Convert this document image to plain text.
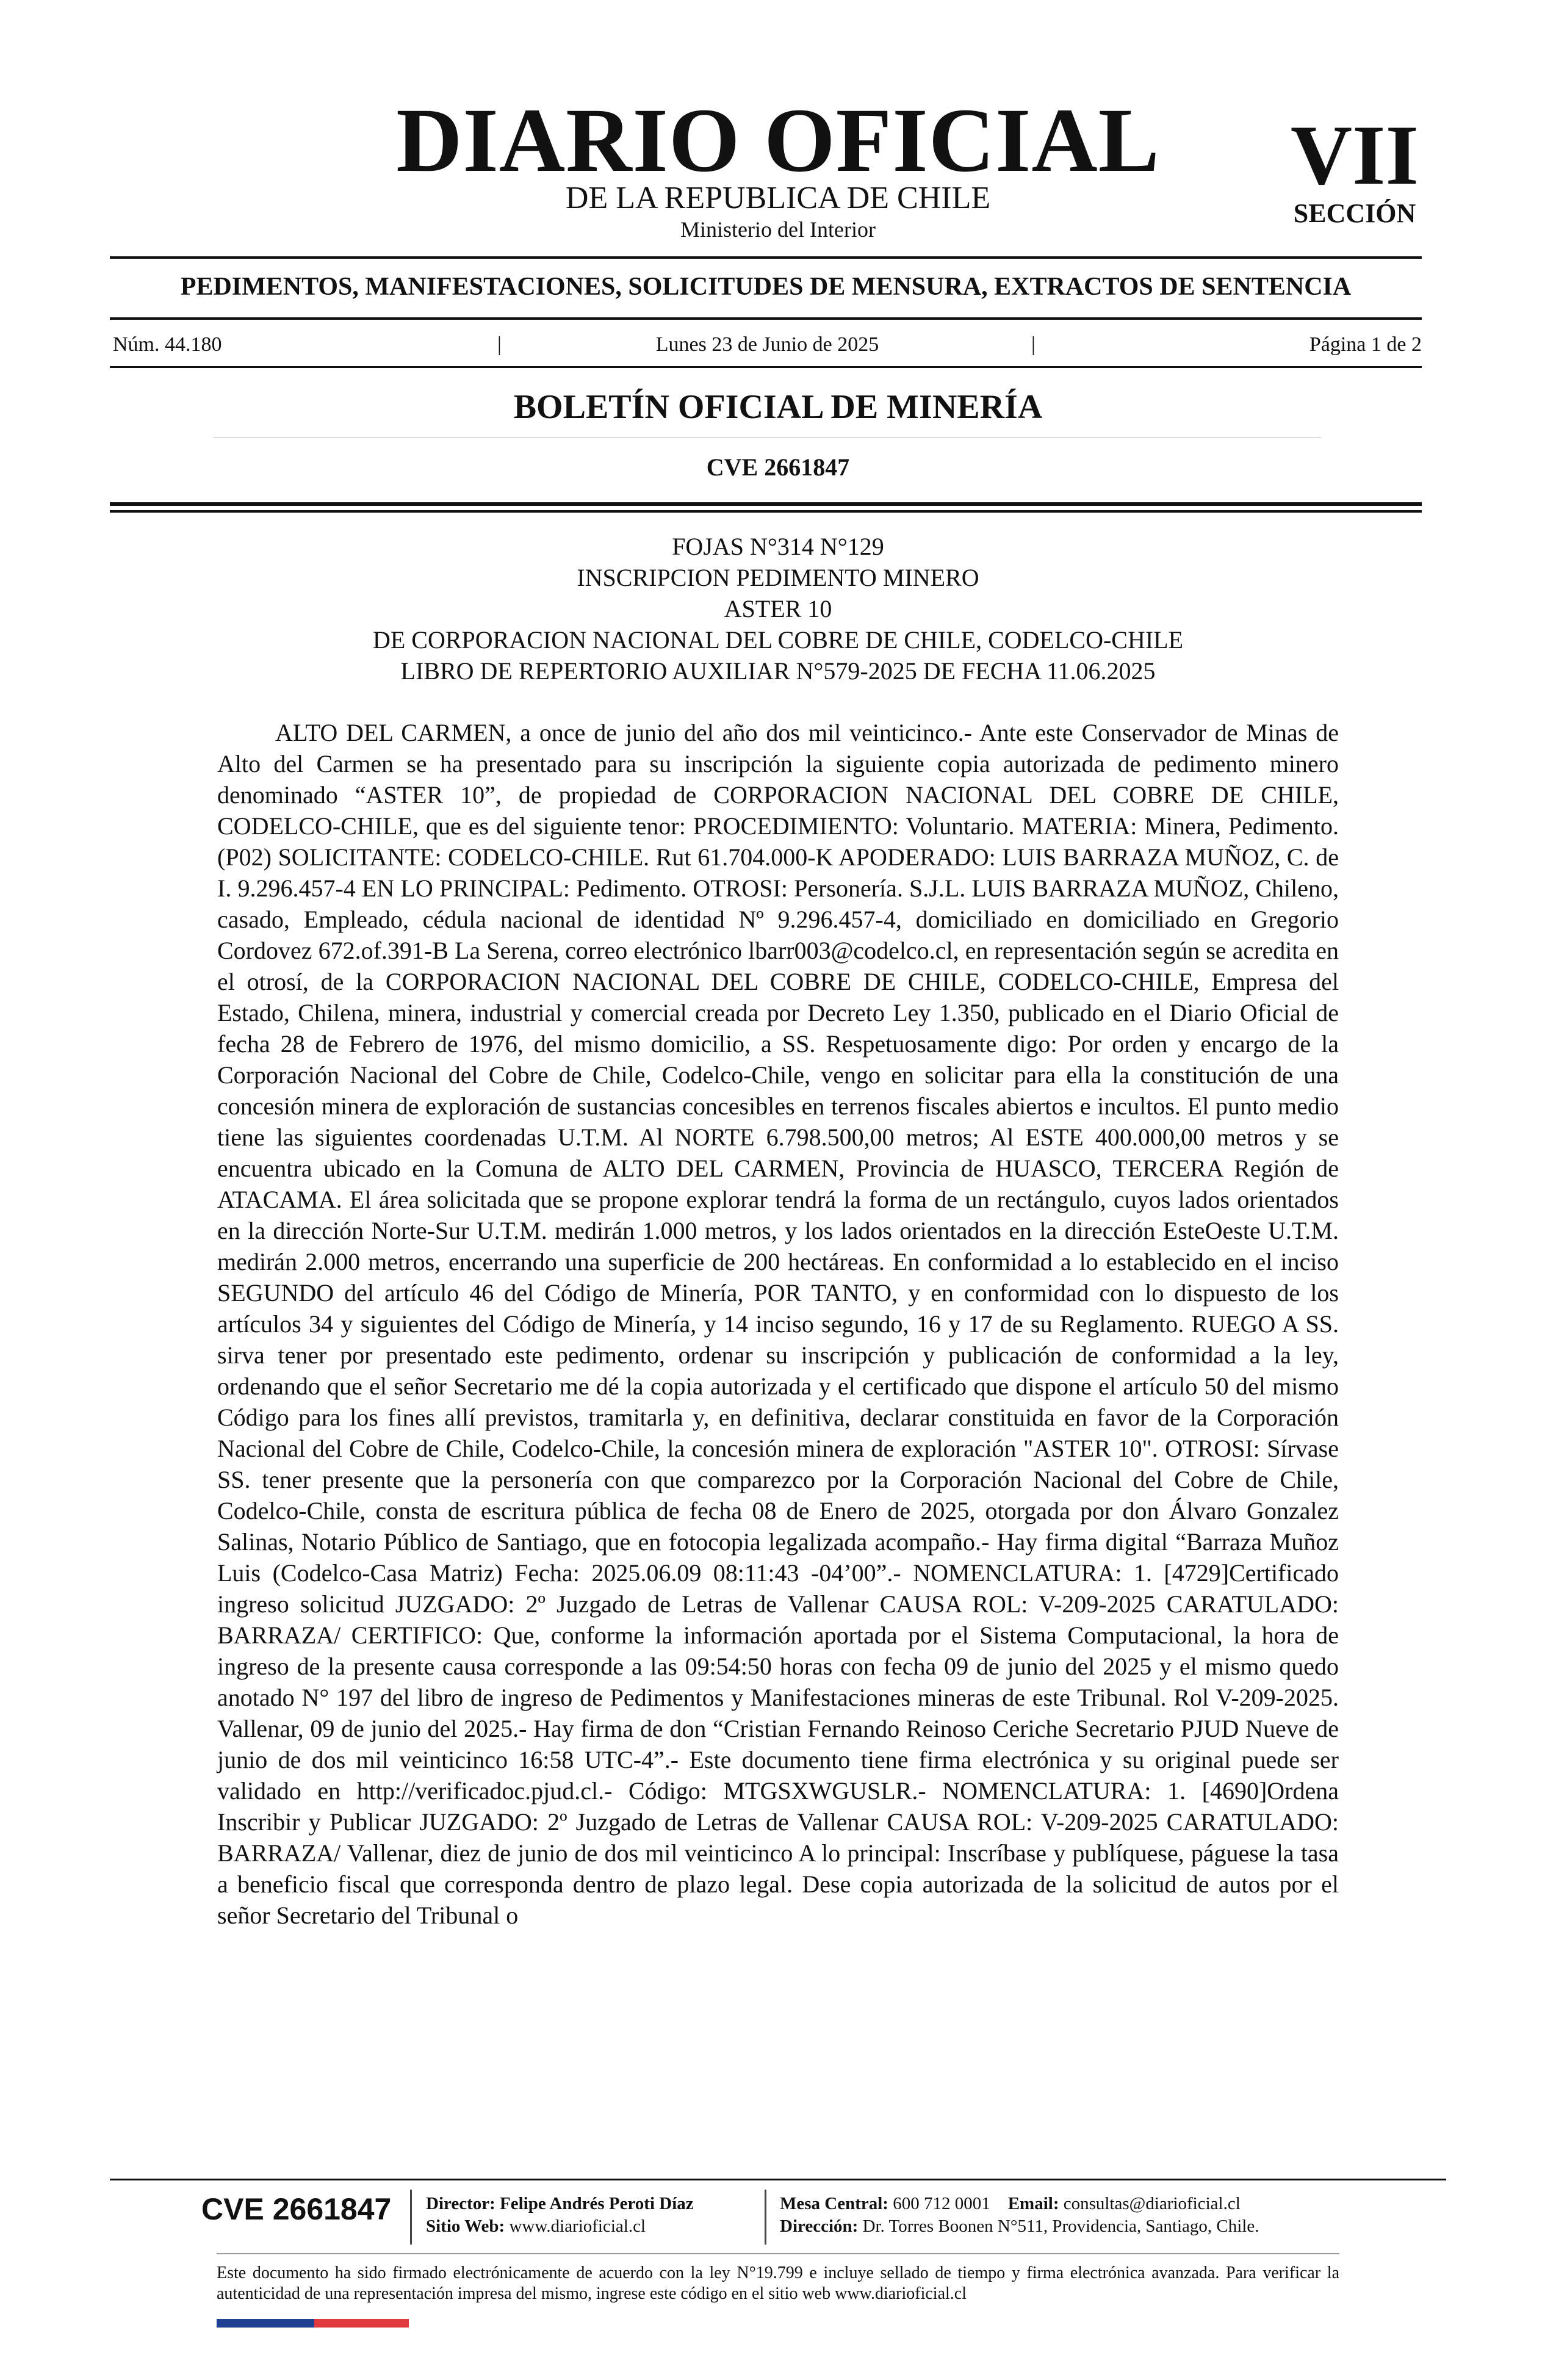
DIARIO OFICIAL
DE LA REPUBLICA DE CHILE
Ministerio del Interior
VII
SECCIÓN
PEDIMENTOS, MANIFESTACIONES, SOLICITUDES DE MENSURA, EXTRACTOS DE SENTENCIA
Núm. 44.180	|	Lunes 23 de Junio de 2025	|	Página 1 de 2
BOLETÍN OFICIAL DE MINERÍA
CVE 2661847
FOJAS N°314 N°129
INSCRIPCION PEDIMENTO MINERO
ASTER 10
DE CORPORACION NACIONAL DEL COBRE DE CHILE, CODELCO-CHILE
LIBRO DE REPERTORIO AUXILIAR N°579-2025 DE FECHA 11.06.2025

ALTO DEL CARMEN, a once de junio del año dos mil veinticinco.- Ante este Conservador de Minas de Alto del Carmen se ha presentado para su inscripción la siguiente copia autorizada de pedimento minero denominado “ASTER 10”, de propiedad de CORPORACION NACIONAL DEL COBRE DE CHILE, CODELCO-CHILE, que es del siguiente tenor: PROCEDIMIENTO: Voluntario. MATERIA: Minera, Pedimento. (P02) SOLICITANTE: CODELCO-CHILE. Rut 61.704.000-K APODERADO: LUIS BARRAZA MUÑOZ, C. de I. 9.296.457-4 EN LO PRINCIPAL: Pedimento. OTROSI: Personería. S.J.L. LUIS BARRAZA MUÑOZ, Chileno, casado, Empleado, cédula nacional de identidad Nº 9.296.457-4, domiciliado en domiciliado en Gregorio Cordovez 672.of.391-B La Serena, correo electrónico lbarr003@codelco.cl, en representación según se acredita en el otrosí, de la CORPORACION NACIONAL DEL COBRE DE CHILE, CODELCO-CHILE, Empresa del Estado, Chilena, minera, industrial y comercial creada por Decreto Ley 1.350, publicado en el Diario Oficial de fecha 28 de Febrero de 1976, del mismo domicilio, a SS. Respetuosamente digo: Por orden y encargo de la Corporación Nacional del Cobre de Chile, Codelco-Chile, vengo en solicitar para ella la constitución de una concesión minera de exploración de sustancias concesibles en terrenos fiscales abiertos e incultos. El punto medio tiene las siguientes coordenadas U.T.M. Al NORTE 6.798.500,00 metros; Al ESTE 400.000,00 metros y se encuentra ubicado en la Comuna de ALTO DEL CARMEN, Provincia de HUASCO, TERCERA Región de ATACAMA. El área solicitada que se propone explorar tendrá la forma de un rectángulo, cuyos lados orientados en la dirección Norte-Sur U.T.M. medirán 1.000 metros, y los lados orientados en la dirección EsteOeste U.T.M. medirán 2.000 metros, encerrando una superficie de 200 hectáreas. En conformidad a lo establecido en el inciso SEGUNDO del artículo 46 del Código de Minería, POR TANTO, y en conformidad con lo dispuesto de los artículos 34 y siguientes del Código de Minería, y 14 inciso segundo, 16 y 17 de su Reglamento. RUEGO A SS. sirva tener por presentado este pedimento, ordenar su inscripción y publicación de conformidad a la ley, ordenando que el señor Secretario me dé la copia autorizada y el certificado que dispone el artículo 50 del mismo Código para los fines allí previstos, tramitarla y, en definitiva, declarar constituida en favor de la Corporación Nacional del Cobre de Chile, Codelco-Chile, la concesión minera de exploración "ASTER 10". OTROSI: Sírvase SS. tener presente que la personería con que comparezco por la Corporación Nacional del Cobre de Chile, Codelco-Chile, consta de escritura pública de fecha 08 de Enero de 2025, otorgada por don Álvaro Gonzalez Salinas, Notario Público de Santiago, que en fotocopia legalizada acompaño.- Hay firma digital “Barraza Muñoz Luis (Codelco-Casa Matriz) Fecha: 2025.06.09 08:11:43 -04’00”.- NOMENCLATURA: 1. [4729]Certificado ingreso solicitud JUZGADO: 2º Juzgado de Letras de Vallenar CAUSA ROL: V-209-2025 CARATULADO: BARRAZA/ CERTIFICO: Que, conforme la información aportada por el Sistema Computacional, la hora de ingreso de la presente causa corresponde a las 09:54:50 horas con fecha 09 de junio del 2025 y el mismo quedo anotado N° 197 del libro de ingreso de Pedimentos y Manifestaciones mineras de este Tribunal. Rol V-209-2025. Vallenar, 09 de junio del 2025.- Hay firma de don “Cristian Fernando Reinoso Ceriche Secretario PJUD Nueve de junio de dos mil veinticinco 16:58 UTC-4”.- Este documento tiene firma electrónica y su original puede ser validado en http://verificadoc.pjud.cl.- Código: MTGSXWGUSLR.- NOMENCLATURA: 1. [4690]Ordena Inscribir y Publicar JUZGADO: 2º Juzgado de Letras de Vallenar CAUSA ROL: V-209-2025 CARATULADO: BARRAZA/ Vallenar, diez de junio de dos mil veinticinco A lo principal: Inscríbase y publíquese, páguese la tasa a beneficio fiscal que corresponda dentro de plazo legal. Dese copia autorizada de la solicitud de autos por el señor Secretario del Tribunal o

CVE 2661847	Director: Felipe Andrés Peroti Díaz
Sitio Web: www.diarioficial.cl
Mesa Central: 600 712 0001 Email: consultas@diarioficial.cl
Dirección: Dr. Torres Boonen N°511, Providencia, Santiago, Chile.

Este documento ha sido firmado electrónicamente de acuerdo con la ley N°19.799 e incluye sellado de tiempo y firma electrónica avanzada. Para verificar la autenticidad de una representación impresa del mismo, ingrese este código en el sitio web www.diarioficial.cl
